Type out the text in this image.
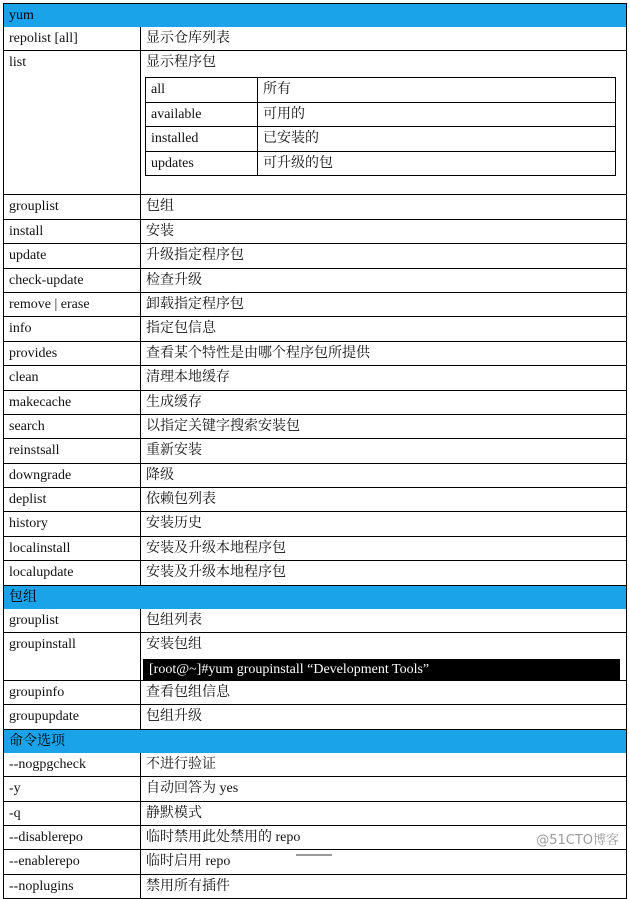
yum
repolist [all]	显示仓库列表
list	显示程序包
all	所有
available	可用的
installed	已安装的
updates	可升级的包
grouplist	包组
install	安装
update	升级指定程序包
check-update	检查升级
remove | erase	卸载指定程序包
info	指定包信息
provides	查看某个特性是由哪个程序包所提供
clean	清理本地缓存
makecache	生成缓存
search	以指定关键字搜索安装包
reinstsall	重新安装
downgrade	降级
deplist	依赖包列表
history	安装历史
localinstall	安装及升级本地程序包
localupdate	安装及升级本地程序包
包组
grouplist	包组列表
groupinstall	安装包组
[root@~]#yum groupinstall “Development Tools”
groupinfo	查看包组信息
groupupdate	包组升级
命令选项
--nogpgcheck	不进行验证
-y	自动回答为 yes
-q	静默模式
--disablerepo	临时禁用此处禁用的 repo
--enablerepo	临时启用 repo
--noplugins	禁用所有插件
@51CTO博客
